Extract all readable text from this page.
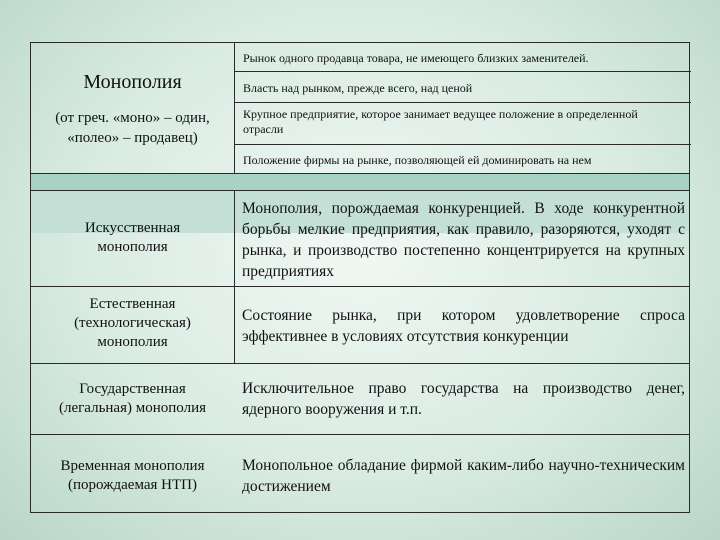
Монополия
(от греч. «моно» – один,
«полео» – продавец)
Рынок одного продавца товара, не имеющего близких заменителей.
Власть над рынком, прежде всего, над ценой
Крупное предприятие, которое занимает ведущее положение в определенной отрасли
Положение фирмы на рынке, позволяющей ей доминировать на нем
Искусственная
монополия
Монополия, порождаемая конкуренцией. В ходе конкурентной борьбы мелкие предприятия, как правило, разоряются, уходят с рынка, и производство постепенно концентрируется на крупных предприятиях
Естественная
(технологическая)
монополия
Состояние рынка, при котором удовлетворение спроса эффективнее в условиях отсутствия конкуренции
Государственная
(легальная) монополия
Исключительное право государства на производство денег, ядерного вооружения и т.п.
Временная монополия
(порождаемая НТП)
Монопольное обладание фирмой каким-либо научно-техническим достижением
